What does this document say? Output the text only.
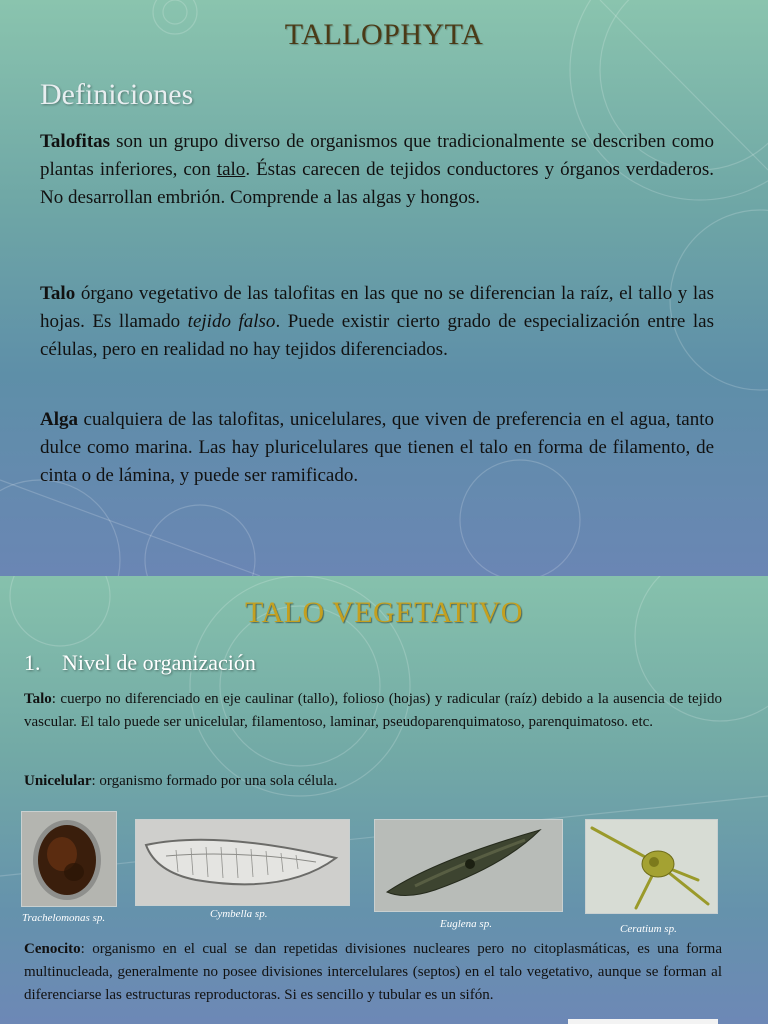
TALLOPHYTA
Definiciones

Talofitas son un grupo diverso de organismos que tradicionalmente se describen como plantas inferiores, con talo. Éstas carecen de tejidos conductores y órganos verdaderos. No desarrollan embrión. Comprende a las algas y hongos.

Talo órgano vegetativo de las talofitas en las que no se diferencian la raíz, el tallo y las hojas. Es llamado tejido falso. Puede existir cierto grado de especialización entre las células, pero en realidad no hay tejidos diferenciados.

Alga cualquiera de las talofitas, unicelulares, que viven de preferencia en el agua, tanto dulce como marina. Las hay pluricelulares que tienen el talo en forma de filamento, de cinta o de lámina, y puede ser ramificado.

TALO VEGETATIVO
1. Nivel de organización

Talo: cuerpo no diferenciado en eje caulinar (tallo), folioso (hojas) y radicular (raíz) debido a la ausencia de tejido vascular. El talo puede ser unicelular, filamentoso, laminar, pseudoparenquimatoso, parenquimatoso. etc.

Unicelular: organismo formado por una sola célula.

Trachelomonas sp.	Cymbella sp.
Euglena sp.	Ceratium sp.

Cenocito: organismo en el cual se dan repetidas divisiones nucleares pero no citoplasmáticas, es una forma multinucleada, generalmente no posee divisiones intercelulares (septos) en el talo vegetativo, aunque se forman al diferenciarse las estructuras reproductoras. Si es sencillo y tubular es un sifón.
